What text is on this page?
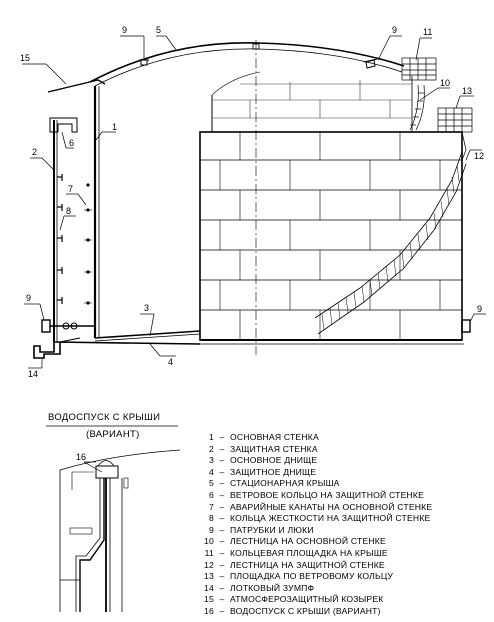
9	5
15
1
2
6
7
8
9
3
4
14
9	11
10
13
12
9
16
ВОДОСПУСК С КРЫШИ
(ВАРИАНТ)	1 – ОСНОВНАЯ СТЕНКА
2 – ЗАЩИТНАЯ СТЕНКА
3 – ОСНОВНОЕ ДНИЩЕ
4 – ЗАЩИТНОЕ ДНИЩЕ
5 – СТАЦИОНАРНАЯ КРЫША
6 – ВЕТРОВОЕ КОЛЬЦО НА ЗАЩИТНОЙ СТЕНКЕ
7 – АВАРИЙНЫЕ КАНАТЫ НА ОСНОВНОЙ СТЕНКЕ
8 – КОЛЬЦА ЖЕСТКОСТИ НА ЗАЩИТНОЙ СТЕНКЕ
9 – ПАТРУБКИ И ЛЮКИ
10 – ЛЕСТНИЦА НА ОСНОВНОЙ СТЕНКЕ
11 – КОЛЬЦЕВАЯ ПЛОЩАДКА НА КРЫШЕ
12 – ЛЕСТНИЦА НА ЗАЩИТНОЙ СТЕНКЕ
13 – ПЛОЩАДКА ПО ВЕТРОВОМУ КОЛЬЦУ
14 – ЛОТКОВЫЙ ЗУМПФ
15 – АТМОСФЕРОЗАЩИТНЫЙ КОЗЫРЕК
16 – ВОДОСПУСК С КРЫШИ (ВАРИАНТ)
